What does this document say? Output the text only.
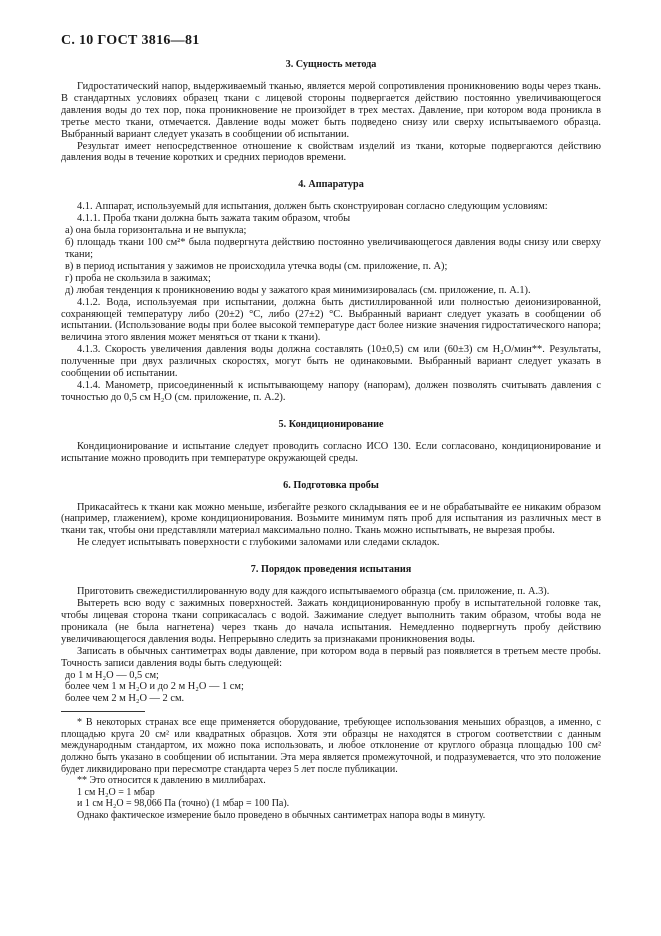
С. 10 ГОСТ 3816—81
3. Сущность метода

Гидростатический напор, выдерживаемый тканью, является мерой сопротивления проникновению воды через ткань. В стандартных условиях образец ткани с лицевой стороны подвергается действию постоянно увеличивающегося давления воды до тех пор, пока проникновение не произойдет в трех местах. Давление, при котором вода проникла в третье место ткани, отмечается. Давление воды может быть подведено снизу или сверху испытываемого образца. Выбранный вариант следует указать в сообщении об испытании.

Результат имеет непосредственное отношение к свойствам изделий из ткани, которые подвергаются действию давления воды в течение коротких и средних периодов времени.

4. Аппаратура

4.1. Аппарат, используемый для испытания, должен быть сконструирован согласно следующим условиям:

4.1.1. Проба ткани должна быть зажата таким образом, чтобы

а) она была горизонтальна и не выпукла;

б) площадь ткани 100 см²* была подвергнута действию постоянно увеличивающегося давления воды снизу или сверху ткани;

в) в период испытания у зажимов не происходила утечка воды (см. приложение, п. А);

г) проба не скользила в зажимах;

д) любая тенденция к проникновению воды у зажатого края минимизировалась (см. приложение, п. А.1).

4.1.2. Вода, используемая при испытании, должна быть дистиллированной или полностью деионизированной, сохраняющей температуру либо (20±2) °С, либо (27±2) °С. Выбранный вариант следует указать в сообщении об испытании. (Использование воды при более высокой температуре даст более низкие значения гидростатического напора; величина этого явления может меняться от ткани к ткани).

4.1.3. Скорость увеличения давления воды должна составлять (10±0,5) см или (60±3) см H₂O/мин**. Результаты, полученные при двух различных скоростях, могут быть не одинаковыми. Выбранный вариант следует указать в сообщении об испытании.

4.1.4. Манометр, присоединенный к испытывающему напору (напорам), должен позволять считывать давления с точностью до 0,5 см H₂O (см. приложение, п. А.2).

5. Кондиционирование

Кондиционирование и испытание следует проводить согласно ИСО 130. Если согласовано, кондиционирование и испытание можно проводить при температуре окружающей среды.

6. Подготовка пробы

Прикасайтесь к ткани как можно меньше, избегайте резкого складывания ее и не обрабатывайте ее никаким образом (например, глажением), кроме кондиционирования. Возьмите минимум пять проб для испытания из различных мест в ткани так, чтобы они представляли материал максимально полно. Ткань можно испытывать, не вырезая пробы.

Не следует испытывать поверхности с глубокими заломами или следами складок.

7. Порядок проведения испытания

Приготовить свежедистиллированную воду для каждого испытываемого образца (см. приложение, п. А.3).

Вытереть всю воду с зажимных поверхностей. Зажать кондиционированную пробу в испытательной головке так, чтобы лицевая сторона ткани соприкасалась с водой. Зажимание следует выполнить таким образом, чтобы вода не проникала (не была нагнетена) через ткань до начала испытания. Немедленно подвергнуть пробу действию увеличивающегося давления воды. Непрерывно следить за признаками проникновения воды.

Записать в обычных сантиметрах воды давление, при котором вода в первый раз появляется в третьем месте пробы. Точность записи давления воды быть следующей:

до 1 м H₂O — 0,5 см;

более чем 1 м H₂O и до 2 м H₂O — 1 см;

более чем 2 м H₂O — 2 см.

* В некоторых странах все еще применяется оборудование, требующее использования меньших образцов, а именно, с площадью круга 20 см² или квадратных образцов. Хотя эти образцы не находятся в строгом соответствии с данным международным стандартом, их можно пока использовать, и любое отклонение от круглого образца площадью 100 см² должно быть указано в сообщении об испытании. Эта мера является промежуточной, и подразумевается, что это положение будет ликвидировано при пересмотре стандарта через 5 лет после публикации.

** Это относится к давлению в миллибарах.

1 см H₂O = 1 мбар

и 1 см H₂O = 98,066 Па (точно) (1 мбар = 100 Па).

Однако фактическое измерение было проведено в обычных сантиметрах напора воды в минуту.
